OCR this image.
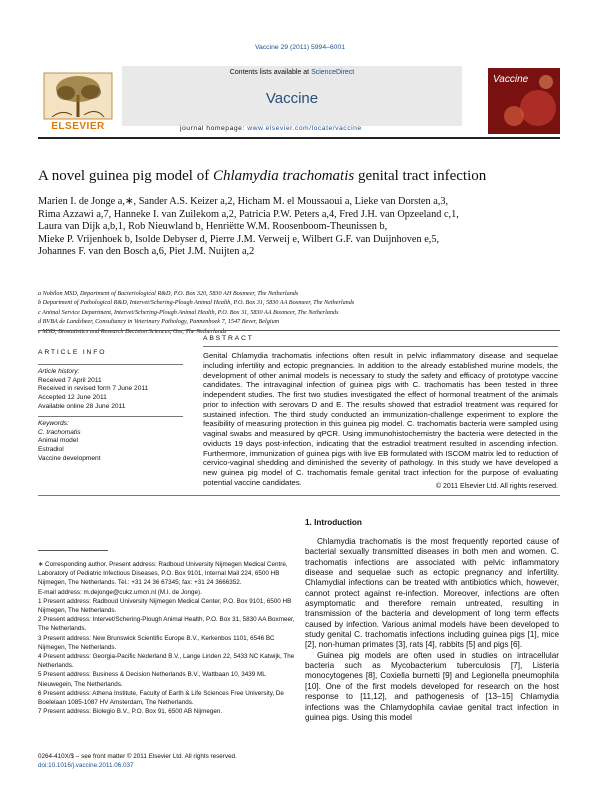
Vaccine 29 (2011) 5994–6001
ELSEVIER
Contents lists available at ScienceDirect
Vaccine
journal homepage: www.elsevier.com/locate/vaccine
Vaccine
A novel guinea pig model of Chlamydia trachomatis genital tract infection
Marien I. de Jonge a,∗, Sander A.S. Keizer a,2, Hicham M. el Moussaoui a, Lieke van Dorsten a,3,
Rima Azzawi a,7, Hanneke I. van Zuilekom a,2, Patricia P.W. Peters a,4, Fred J.H. van Opzeeland c,1,
Laura van Dijk a,b,1, Rob Nieuwland b, Henriëtte W.M. Roosenboom-Theunissen b,
Mieke P. Vrijenhoek b, Isolde Debyser d, Pierre J.M. Verweij e, Wilbert G.F. van Duijnhoven e,5,
Johannes F. van den Bosch a,6, Piet J.M. Nuijten a,2
a Nobilon MSD, Department of Bacteriological R&D, P.O. Box 320, 5830 AH Boxmeer, The Netherlands
b Department of Pathological R&D, Intervet/Schering-Plough Animal Health, P.O. Box 31, 5830 AA Boxmeer, The Netherlands
c Animal Service Department, Intervet/Schering-Plough Animal Health, P.O. Box 31, 5830 AA Boxmeer, The Netherlands
d BVBA de Landsheer, Consultancy in Veterinary Pathology, Pannenhoek 7, 1547 Bever, Belgium
e MSD, Biostatistics and Research Decision Sciences, Oss, The Netherlands
ARTICLE INFO
Article history:
Received 7 April 2011
Received in revised form 7 June 2011
Accepted 12 June 2011
Available online 28 June 2011
Keywords:
C. trachomatis
Animal model
Estradiol
Vaccine development
ABSTRACT
Genital Chlamydia trachomatis infections often result in pelvic inflammatory disease and sequelae including infertility and ectopic pregnancies. In addition to the already established murine models, the development of other animal models is necessary to study the safety and efficacy of prototype vaccine candidates. The intravaginal infection of guinea pigs with C. trachomatis has been tested in three independent studies. The first two studies investigated the effect of hormonal treatment of the animals prior to infection with serovars D and E. The results showed that estradiol treatment was required for sustained infection. The third study conducted an immunization-challenge experiment to explore the feasibility of measuring protection in this guinea pig model. C. trachomatis bacteria were sampled using vaginal swabs and measured by qPCR. Using immunohistochemistry the bacteria were detected in the oviducts 19 days post-infection, indicating that the estradiol treatment resulted in ascending infection. Furthermore, immunization of guinea pigs with live EB formulated with ISCOM matrix led to reduction of cervico-vaginal shedding and diminished the severity of pathology. In this study we have developed a new guinea pig model of C. trachomatis female genital tract infection for the purpose of evaluating potential vaccine candidates.	© 2011 Elsevier Ltd. All rights reserved.

∗ Corresponding author. Present address: Radboud University Nijmegen Medical Centre, Laboratory of Pediatric Infectious Diseases, P.O. Box 9101, Internal Mail 224, 6500 HB Nijmegen, The Netherlands. Tel.: +31 24 36 67345; fax: +31 24 3666352.

E-mail address: m.dejonge@cukz.umcn.nl (M.I. de Jonge).

1 Present address: Radboud University Nijmegen Medical Center, P.O. Box 9101, 6500 HB Nijmegen, The Netherlands.

2 Present address: Intervet/Schering-Plough Animal Health, P.O. Box 31, 5830 AA Boxmeer, The Netherlands.

3 Present address: New Brunswick Scientific Europe B.V., Kerkenbos 1101, 6546 BC Nijmegen, The Netherlands.

4 Present address: Georgia-Pacific Nederland B.V., Lange Linden 22, 5433 NC Katwijk, The Netherlands.

5 Present address: Business & Decision Netherlands B.V., Wattbaan 10, 3439 ML Nieuwegein, The Netherlands.

6 Present address: Athena Institute, Faculty of Earth & Life Sciences Free University, De Boelelaan 1085-1087 HV Amsterdam, The Netherlands.

7 Present address: Biolegio B.V., P.O. Box 91, 6500 AB Nijmegen.

0264-410X/$ – see front matter © 2011 Elsevier Ltd. All rights reserved.
doi:10.1016/j.vaccine.2011.06.037
1. Introduction

Chlamydia trachomatis is the most frequently reported cause of bacterial sexually transmitted diseases in both men and women. C. trachomatis infections are associated with pelvic inflammatory disease and sequelae such as ectopic pregnancy and infertility. Chlamydial infections can be treated with antibiotics which, however, cannot protect against re-infection. Moreover, infections are often asymptomatic and therefore remain untreated, resulting in transmission of the bacteria and development of long term effects caused by infection. Various animal models have been developed to study genital C. trachomatis infections including guinea pigs [1], mice [2], non-human primates [3], rats [4], rabbits [5] and pigs [6].

Guinea pig models are often used in studies on intracellular bacteria such as Mycobacterium tuberculosis [7], Listeria monocytogenes [8], Coxiella burnetti [9] and Legionella pneumophila [10]. One of the first models developed for research on the host response to [11,12], and pathogenesis of [13–15] Chlamydia infections was the Chlamydophila caviae genital tract infection in guinea pigs. Using this model
